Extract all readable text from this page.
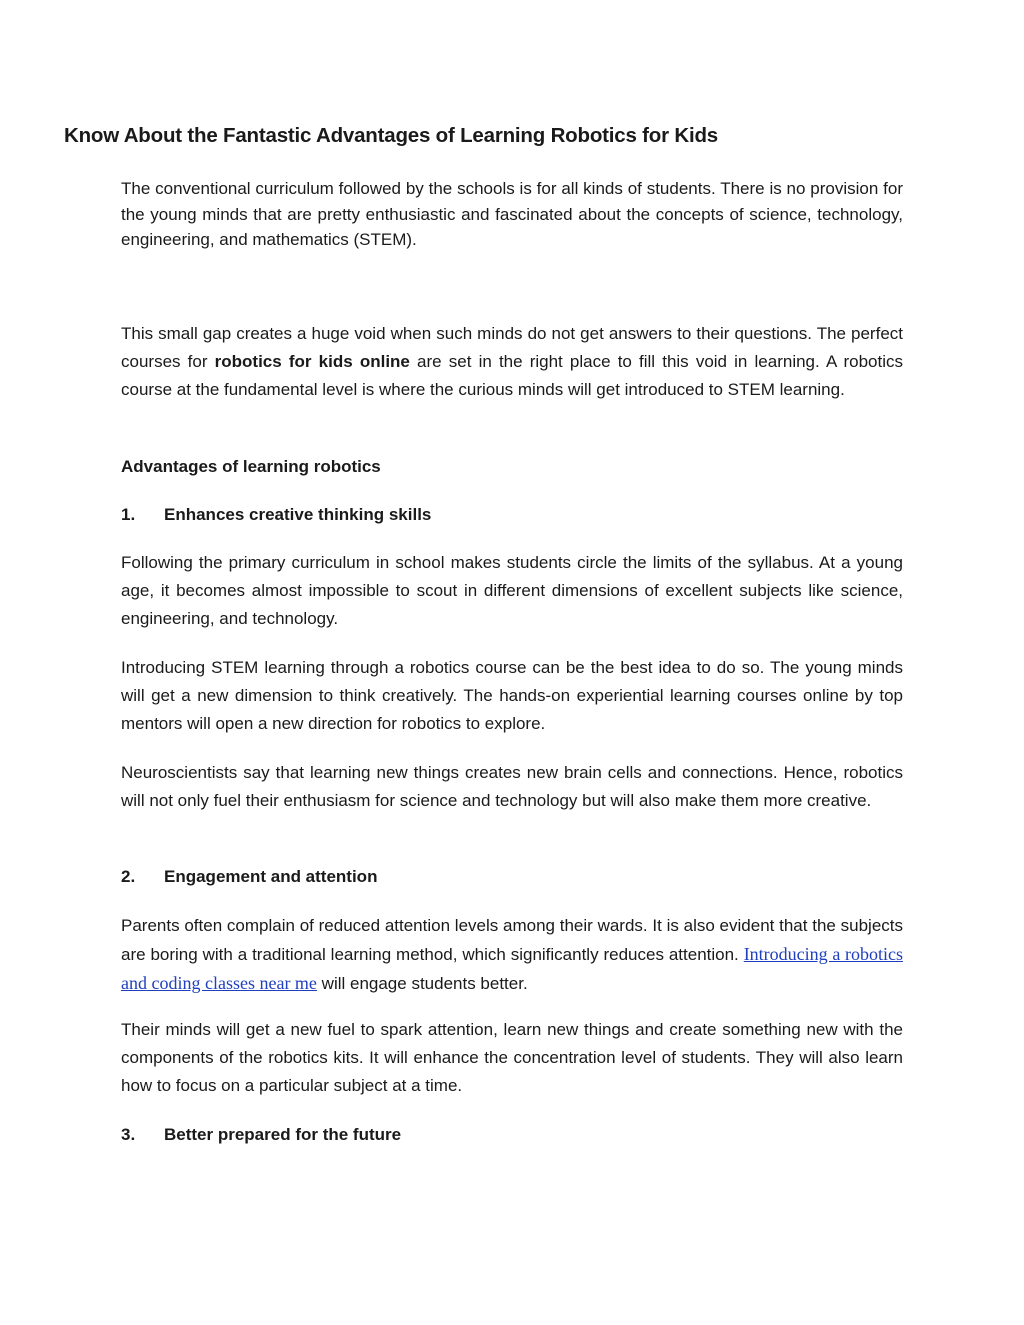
Know About the Fantastic Advantages of Learning Robotics for Kids

The conventional curriculum followed by the schools is for all kinds of students. There is no provision for the young minds that are pretty enthusiastic and fascinated about the concepts of science, technology, engineering, and mathematics (STEM).

This small gap creates a huge void when such minds do not get answers to their questions. The perfect courses for robotics for kids online are set in the right place to fill this void in learning. A robotics course at the fundamental level is where the curious minds will get introduced to STEM learning.

Advantages of learning robotics

1. Enhances creative thinking skills

Following the primary curriculum in school makes students circle the limits of the syllabus. At a young age, it becomes almost impossible to scout in different dimensions of excellent subjects like science, engineering, and technology.

Introducing STEM learning through a robotics course can be the best idea to do so. The young minds will get a new dimension to think creatively. The hands-on experiential learning courses online by top mentors will open a new direction for robotics to explore.

Neuroscientists say that learning new things creates new brain cells and connections. Hence, robotics will not only fuel their enthusiasm for science and technology but will also make them more creative.

2. Engagement and attention

Parents often complain of reduced attention levels among their wards. It is also evident that the subjects are boring with a traditional learning method, which significantly reduces attention. Introducing a robotics and coding classes near me will engage students better.

Their minds will get a new fuel to spark attention, learn new things and create something new with the components of the robotics kits. It will enhance the concentration level of students. They will also learn how to focus on a particular subject at a time.

3. Better prepared for the future
